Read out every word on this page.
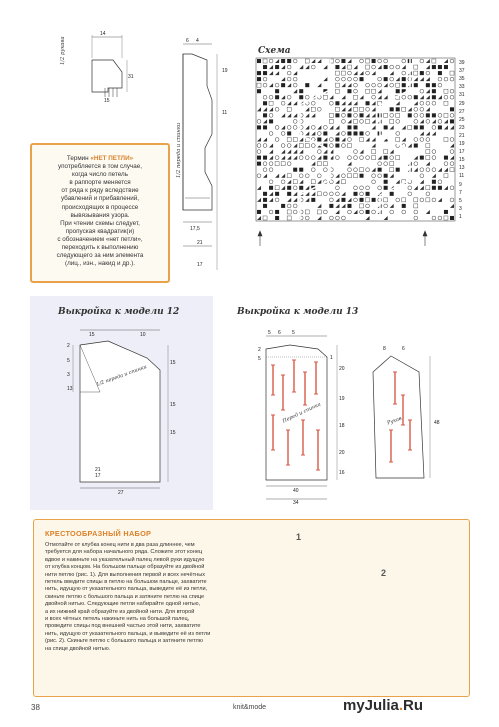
14
1/2 рукава
31
15
6 4
19
11
17,5
21
17
1/2 переда и спинки
Термин «НЕТ ПЕТЛИ»
употребляется в том случае,
когда число петель
в раппорте меняется
от ряда к ряду вследствие
убавлений и прибавлений,
происходящих в процессе
вывязывания узора.
При чтении схемы следует,
пропуская квадратик(и)
с обозначением «нет петли»,
переходить к выполнению
следующего за ним элемента
(лиц., изн., накид и др.).
Схема
39
37
35
33
31
29
27
25
23
21
19
17
15
13
11
9
7
5
3
1
Выкройка к модели 12
15	10
1/2 переда и спинки
15
15
15
21
17
27
2
5
3
13
Выкройка к модели 13
5 6 5
8	6
2
5	1
20
19
18
20
16
Перед и спинка
40
34
Рукав	48
КРЕСТООБРАЗНЫЙ НАБОР
Отмотайте от клубка конец нити в два раза длиннее, чем
требуется для набора начального ряда. Сложите этот конец
вдвое и накиньте на указательный палец левой руки идущую
от клубка концом. На большом пальце образуйте из двойной
нити петлю (рис. 1). Для выполнения первой и всех нечётных
петель введите спицы в петлю на большом пальце, захватите
нить, идущую от указательного пальца, выведите её из петли,
скиньте петлю с большого пальца и затяните петлю на спице
двойной нитью. Следующие петли набирайте одной нитью,
а их нижний край образуйте из двойной нити. Для второй
и всех чётных петель накиньте нить на большой палец,
проведите спицы под внешней частью этой нити, захватите
нить, идущую от указательного пальца, и выведите её из петли
(рис. 2). Скиньте петлю с большого пальца и затяните петлю
на спице двойной нитью.
1
2
38	knit&mode	myJulia.Ru
